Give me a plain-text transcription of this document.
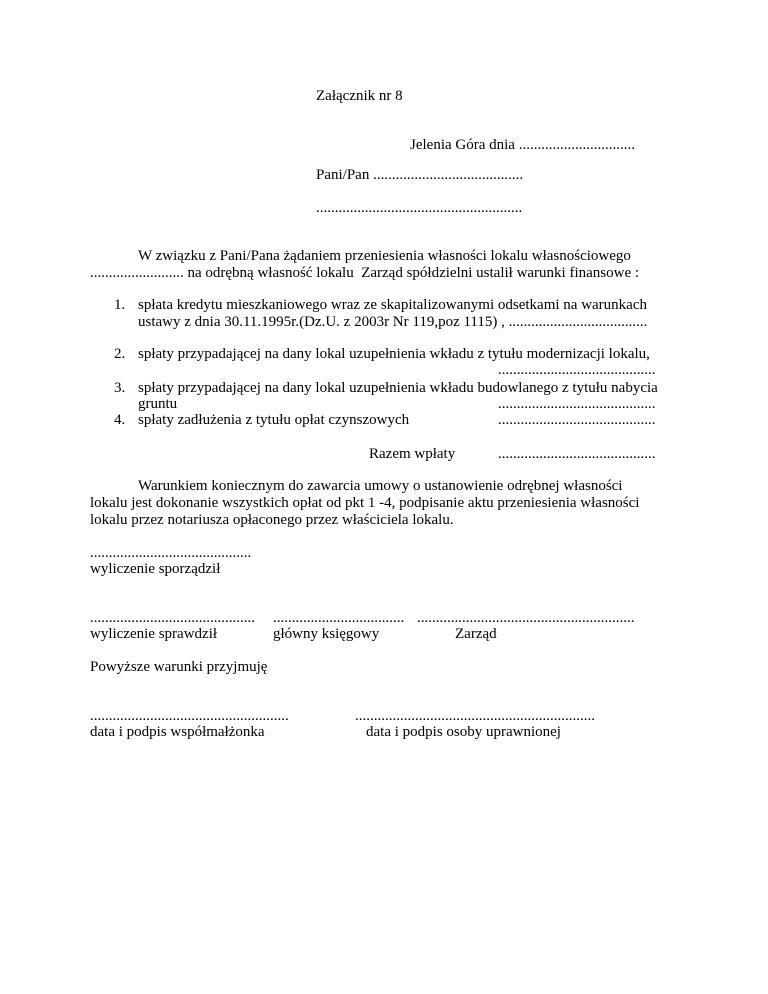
Załącznik nr 8
Jelenia Góra dnia ...............................
Pani/Pan ........................................
.......................................................
W związku z Pani/Pana żądaniem przeniesienia własności lokalu własnościowego
......................... na odrębną własność lokalu  Zarząd spółdzielni ustalił warunki finansowe :
1. spłata kredytu mieszkaniowego wraz ze skapitalizowanymi odsetkami na warunkach
ustawy z dnia 30.11.1995r.(Dz.U. z 2003r Nr 119,poz 1115) , .....................................
2. spłaty przypadającej na dany lokal uzupełnienia wkładu z tytułu modernizacji lokalu,
..........................................
3. spłaty przypadającej na dany lokal uzupełnienia wkładu budowlanego z tytułu nabycia
gruntu	..........................................
4. spłaty zadłużenia z tytułu opłat czynszowych	..........................................
Razem wpłaty	..........................................
Warunkiem koniecznym do zawarcia umowy o ustanowienie odrębnej własności
lokalu jest dokonanie wszystkich opłat od pkt 1 -4, podpisanie aktu przeniesienia własności
lokalu przez notariusza opłaconego przez właściciela lokalu.
...........................................
wyliczenie sporządził
............................................ ................................... ..........................................................
wyliczenie sprawdził	główny księgowy	Zarząd
Powyższe warunki przyjmuję
.....................................................	................................................................
data i podpis współmałżonka	data i podpis osoby uprawnionej
